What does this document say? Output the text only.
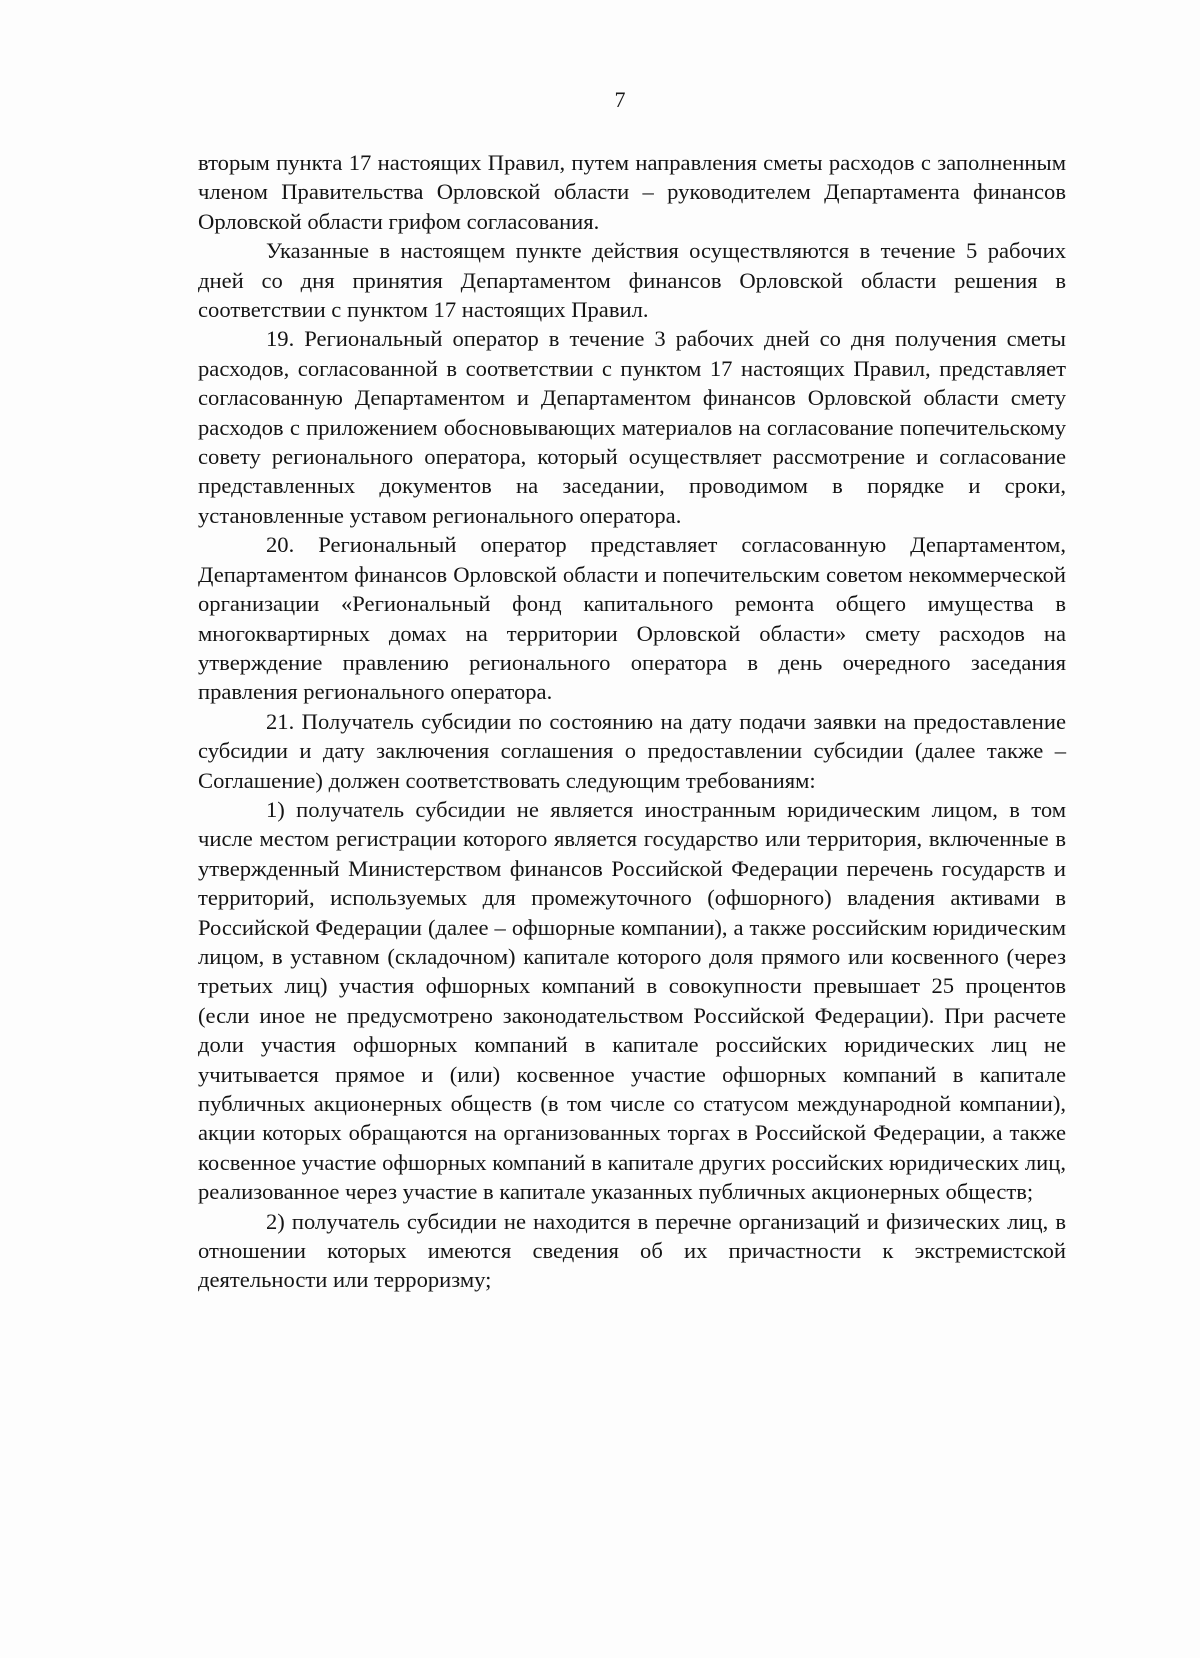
7

вторым пункта 17 настоящих Правил, путем направления сметы расходов с заполненным членом Правительства Орловской области – руководителем Департамента финансов Орловской области грифом согласования.

Указанные в настоящем пункте действия осуществляются в течение 5 рабочих дней со дня принятия Департаментом финансов Орловской области решения в соответствии с пунктом 17 настоящих Правил.

19. Региональный оператор в течение 3 рабочих дней со дня получения сметы расходов, согласованной в соответствии с пунктом 17 настоящих Правил, представляет согласованную Департаментом и Департаментом финансов Орловской области смету расходов с приложением обосновывающих материалов на согласование попечительскому совету регионального оператора, который осуществляет рассмотрение и согласование представленных документов на заседании, проводимом в порядке и сроки, установленные уставом регионального оператора.

20. Региональный оператор представляет согласованную Департаментом, Департаментом финансов Орловской области и попечительским советом некоммерческой организации «Региональный фонд капитального ремонта общего имущества в многоквартирных домах на территории Орловской области» смету расходов на утверждение правлению регионального оператора в день очередного заседания правления регионального оператора.

21. Получатель субсидии по состоянию на дату подачи заявки на предоставление субсидии и дату заключения соглашения о предоставлении субсидии (далее также – Соглашение) должен соответствовать следующим требованиям:

1) получатель субсидии не является иностранным юридическим лицом, в том числе местом регистрации которого является государство или территория, включенные в утвержденный Министерством финансов Российской Федерации перечень государств и территорий, используемых для промежуточного (офшорного) владения активами в Российской Федерации (далее – офшорные компании), а также российским юридическим лицом, в уставном (складочном) капитале которого доля прямого или косвенного (через третьих лиц) участия офшорных компаний в совокупности превышает 25 процентов (если иное не предусмотрено законодательством Российской Федерации). При расчете доли участия офшорных компаний в капитале российских юридических лиц не учитывается прямое и (или) косвенное участие офшорных компаний в капитале публичных акционерных обществ (в том числе со статусом международной компании), акции которых обращаются на организованных торгах в Российской Федерации, а также косвенное участие офшорных компаний в капитале других российских юридических лиц, реализованное через участие в капитале указанных публичных акционерных обществ;

2) получатель субсидии не находится в перечне организаций и физических лиц, в отношении которых имеются сведения об их причастности к экстремистской деятельности или терроризму;
